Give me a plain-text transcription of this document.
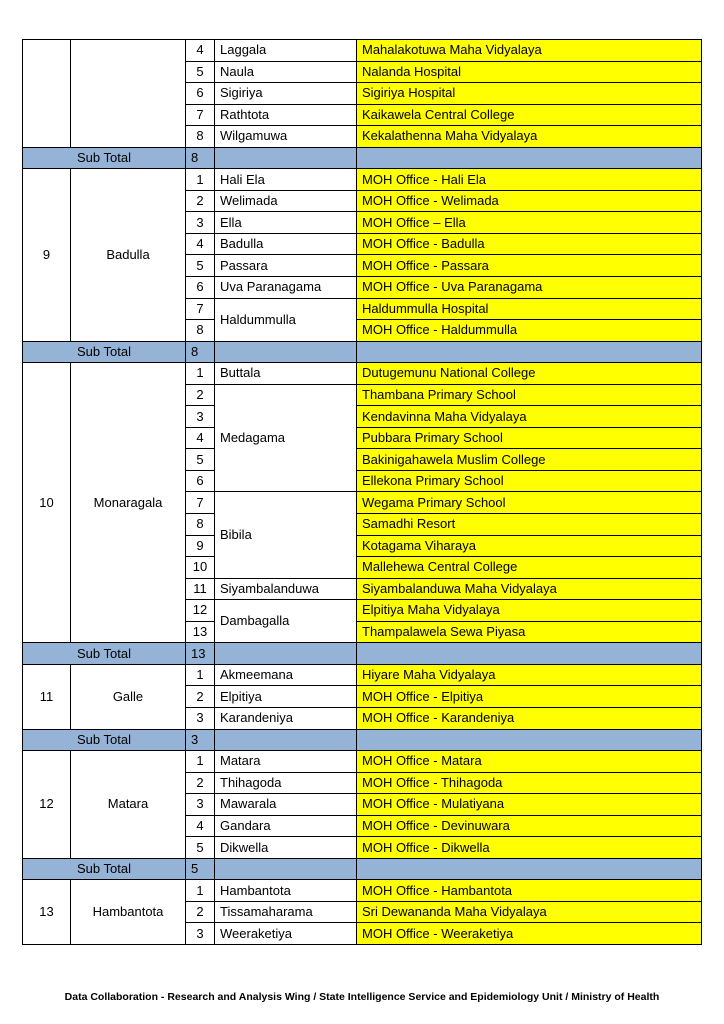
		4	Laggala	Mahalakotuwa Maha Vidyalaya
		5	Naula	Nalanda Hospital
		6	Sigiriya	Sigiriya Hospital
		7	Rathtota	Kaikawela Central College
		8	Wilgamuwa	Kekalathenna Maha Vidyalaya
Sub Total		8		
9	Badulla	1	Hali Ela	MOH Office - Hali Ela
		2	Welimada	MOH Office - Welimada
		3	Ella	MOH Office – Ella
		4	Badulla	MOH Office - Badulla
		5	Passara	MOH Office - Passara
		6	Uva Paranagama	MOH Office - Uva Paranagama
		7	Haldummulla	Haldummulla Hospital
		8		MOH Office - Haldummulla
Sub Total		8		
10	Monaragala	1	Buttala	Dutugemunu National College
		2	Medagama	Thambana Primary School
		3		Kendavinna Maha Vidyalaya
		4		Pubbara Primary School
		5		Bakinigahawela Muslim College
		6		Ellekona Primary School
		7	Bibila	Wegama Primary School
		8		Samadhi Resort
		9		Kotagama Viharaya
		10		Mallehewa Central College
		11	Siyambalanduwa	Siyambalanduwa Maha Vidyalaya
		12	Dambagalla	Elpitiya Maha Vidyalaya
		13		Thampalawela Sewa Piyasa
Sub Total		13		
11	Galle	1	Akmeemana	Hiyare Maha Vidyalaya
		2	Elpitiya	MOH Office - Elpitiya
		3	Karandeniya	MOH Office - Karandeniya
Sub Total		3		
12	Matara	1	Matara	MOH Office - Matara
		2	Thihagoda	MOH Office - Thihagoda
		3	Mawarala	MOH Office - Mulatiyana
		4	Gandara	MOH Office - Devinuwara
		5	Dikwella	MOH Office - Dikwella
Sub Total		5		
13	Hambantota	1	Hambantota	MOH Office - Hambantota
		2	Tissamaharama	Sri Dewananda Maha Vidyalaya
		3	Weeraketiya	MOH Office - Weeraketiya
Data Collaboration - Research and Analysis Wing / State Intelligence Service and Epidemiology Unit / Ministry of Health
